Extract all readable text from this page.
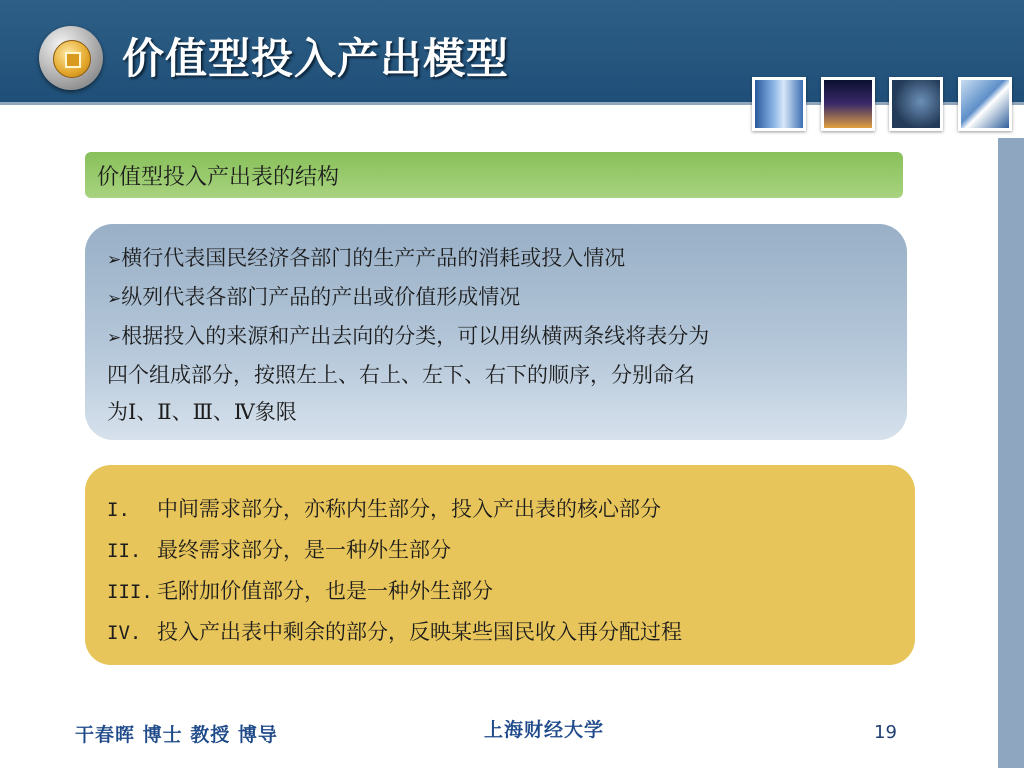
价值型投入产出模型
价值型投入产出表的结构
➢横行代表国民经济各部门的生产产品的消耗或投入情况
➢纵列代表各部门产品的产出或价值形成情况
➢根据投入的来源和产出去向的分类，可以用纵横两条线将表分为
四个组成部分，按照左上、右上、左下、右下的顺序，分别命名
为Ⅰ、Ⅱ、Ⅲ、Ⅳ象限
I. 中间需求部分，亦称内生部分，投入产出表的核心部分
II. 最终需求部分，是一种外生部分
III. 毛附加价值部分，也是一种外生部分
IV. 投入产出表中剩余的部分，反映某些国民收入再分配过程
干春晖 博士 教授 博导	上海财经大学	19
